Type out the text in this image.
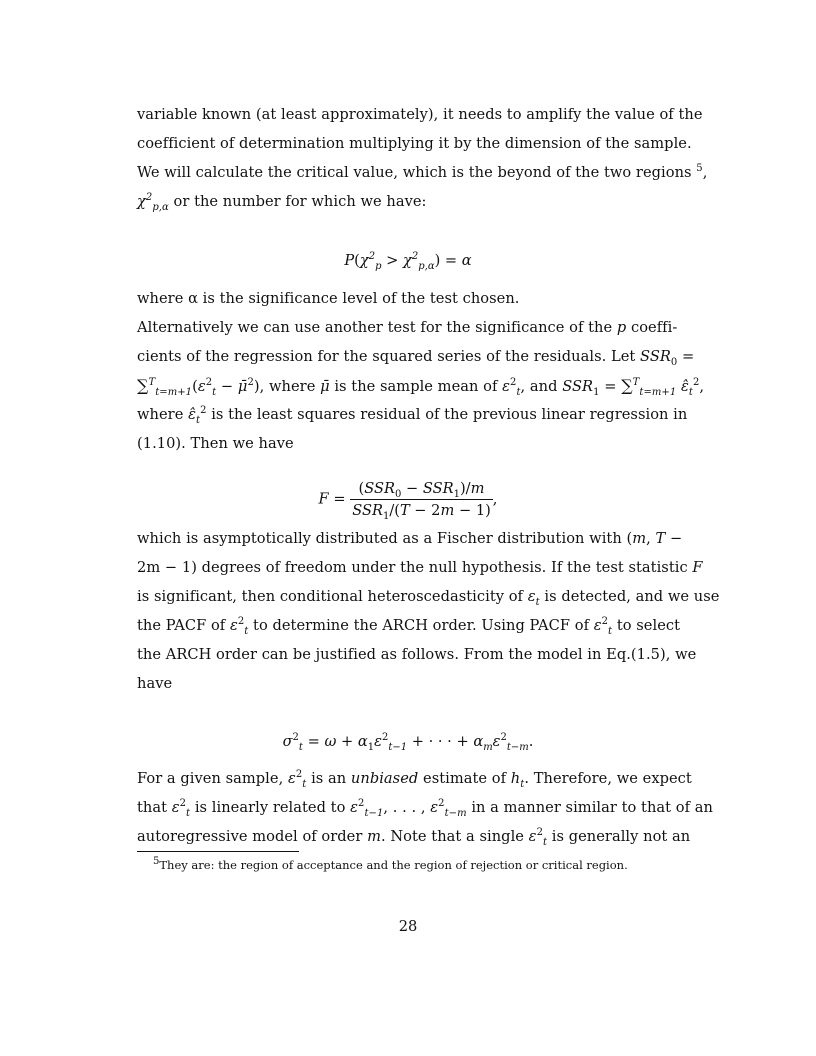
variable known (at least approximately), it needs to amplify the value of the
coefficient of determination multiplying it by the dimension of the sample.
We will calculate the critical value, which is the beyond of the two regions $^5$,
$\chi^2_{p,\alpha}$ or the number for which we have:
$P(\chi^2_p > \chi^2_{p,\alpha}) = \alpha$
where α is the significance level of the test chosen.
Alternatively we can use another test for the significance of the p coeffi-
cients of the regression for the squared series of the residuals. Let $SSR_0$ =
$\sum^T_{t=m+1}(\varepsilon^2_t$ − μ̄$^2$), where μ̄ is the sample mean of $\varepsilon^2_t$, and $SSR_1 = \sum^T_{t=m+1}$ $\varepsilon̂_t^2$,
where $\varepsilon̂_t^2$ is the least squares residual of the previous linear regression in
(1.10). Then we have
$F = \frac{(SSR_0 - SSR_1)/m}{SSR_1/(T - 2m - 1)}$ ,
which is asymptotically distributed as a Fischer distribution with (m, T −
2m − 1) degrees of freedom under the null hypothesis. If the test statistic F
is significant, then conditional heteroscedasticity of $\varepsilon_t$ is detected, and we use
the PACF of $\varepsilon^2_t$ to determine the ARCH order. Using PACF of $\varepsilon^2_t$ to select
the ARCH order can be justified as follows. From the model in Eq.(1.5), we
have
$\sigma^2_t = \omega + \alpha_1\varepsilon^2_{t-1}$ + · · · + $\alpha_m\varepsilon^2_{t-m}$.
For a given sample, $\varepsilon^2_t$ is an unbiased estimate of $h_t$. Therefore, we expect
that $\varepsilon^2_t$ is linearly related to $\varepsilon^2_{t-1}$, . . . , $\varepsilon^2_{t-m}$ in a manner similar to that of an
autoregressive model of order m. Note that a single $\varepsilon^2_t$ is generally not an
$^5$They are: the region of acceptance and the region of rejection or critical region.
28
